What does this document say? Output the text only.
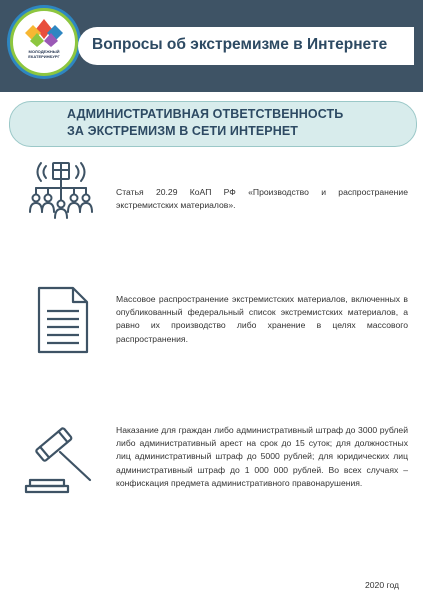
МОЛОДЕЖНЫЙ ЕКАТЕРИНБУРГ
Вопросы об экстремизме в Интернете
АДМИНИСТРАТИВНАЯ ОТВЕТСТВЕННОСТЬ
ЗА ЭКСТРЕМИЗМ В СЕТИ ИНТЕРНЕТ
Статья 20.29 КоАП РФ «Производство и распространение экстремистских материалов».
Массовое распространение экстремистских материалов, включенных в опубликованный федеральный список экстремистских материалов, а равно их производство либо хранение в целях массового распространения.
Наказание для граждан либо административный штраф до 3000 рублей либо административный арест на срок до 15 суток; для должностных лиц административный штраф до 5000 рублей; для юридических лиц административный штраф до 1 000 000 рублей. Во всех случаях – конфискация предмета административного правонарушения.
2020 год
